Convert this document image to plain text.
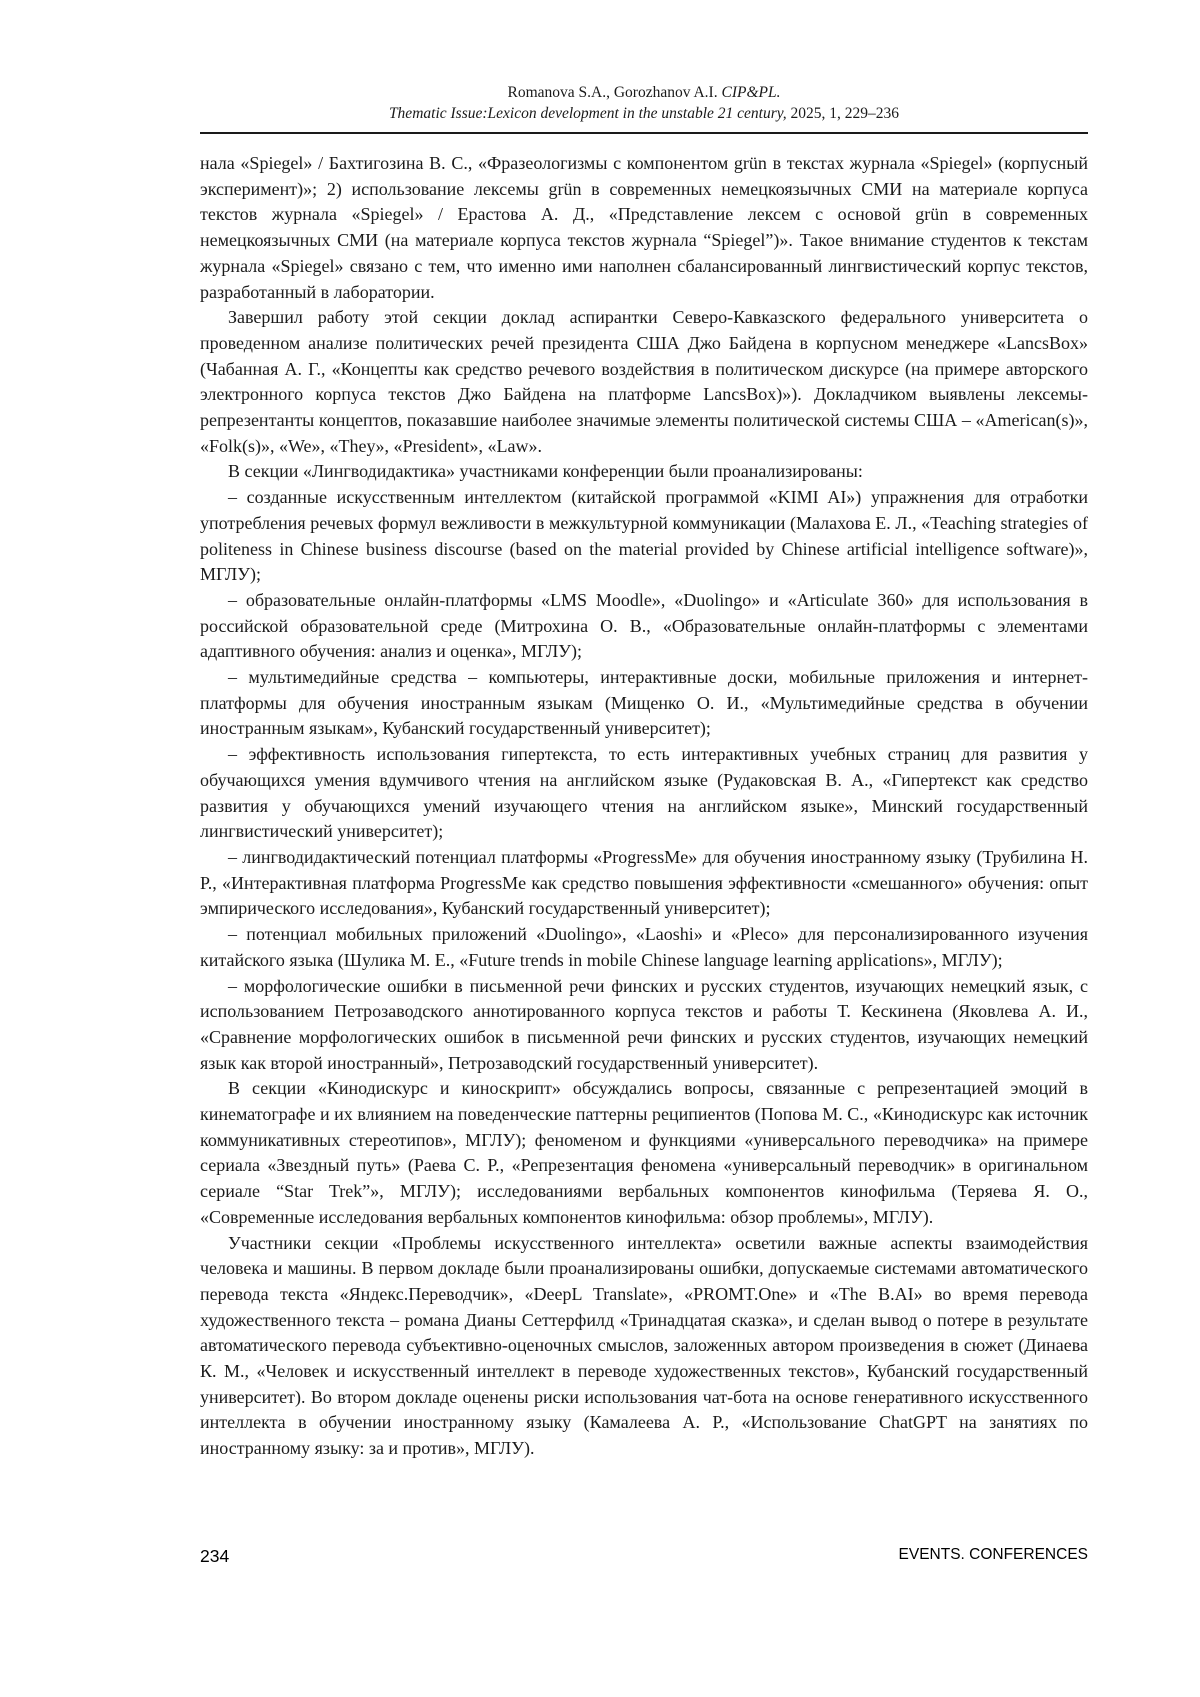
Romanova S.A., Gorozhanov A.I. CIP&PL.
Thematic Issue:Lexicon development in the unstable 21 century, 2025, 1, 229–236

нала «Spiegel» / Бахтигозина В. С., «Фразеологизмы с компонентом grün в текстах журнала «Spiegel» (корпусный эксперимент)»; 2) использование лексемы grün в современных немецкоязычных СМИ на материале корпуса текстов журнала «Spiegel» / Ерастова А. Д., «Представление лексем с основой grün в современных немецкоязычных СМИ (на материале корпуса текстов журнала “Spiegel”)». Такое внимание студентов к текстам журнала «Spiegel» связано с тем, что именно ими наполнен сбалансированный лингвистический корпус текстов, разработанный в лаборатории.

Завершил работу этой секции доклад аспирантки Северо-Кавказского федерального университета о проведенном анализе политических речей президента США Джо Байдена в корпусном менеджере «LancsBox» (Чабанная А. Г., «Концепты как средство речевого воздействия в политическом дискурсе (на примере авторского электронного корпуса текстов Джо Байдена на платформе LancsBox)»). Докладчиком выявлены лексемы-репрезентанты концептов, показавшие наиболее значимые элементы политической системы США – «American(s)», «Folk(s)», «We», «They», «President», «Law».

В секции «Лингводидактика» участниками конференции были проанализированы:

– созданные искусственным интеллектом (китайской программой «KIMI AI») упражнения для отработки употребления речевых формул вежливости в межкультурной коммуникации (Малахова Е. Л., «Teaching strategies of politeness in Chinese business discourse (based on the material provided by Chinese artificial intelligence software)», МГЛУ);

– образовательные онлайн-платформы «LMS Moodle», «Duolingo» и «Articulate 360» для использования в российской образовательной среде (Митрохина О. В., «Образовательные онлайн-платформы с элементами адаптивного обучения: анализ и оценка», МГЛУ);

– мультимедийные средства – компьютеры, интерактивные доски, мобильные приложения и интернет-платформы для обучения иностранным языкам (Мищенко О. И., «Мультимедийные средства в обучении иностранным языкам», Кубанский государственный университет);

– эффективность использования гипертекста, то есть интерактивных учебных страниц для развития у обучающихся умения вдумчивого чтения на английском языке (Рудаковская В. А., «Гипертекст как средство развития у обучающихся умений изучающего чтения на английском языке», Минский государственный лингвистический университет);

– лингводидактический потенциал платформы «ProgressMe» для обучения иностранному языку (Трубилина Н. Р., «Интерактивная платформа ProgressMe как средство повышения эффективности «смешанного» обучения: опыт эмпирического исследования», Кубанский государственный университет);

– потенциал мобильных приложений «Duolingo», «Laoshi» и «Pleco» для персонализированного изучения китайского языка (Шулика М. Е., «Future trends in mobile Chinese language learning applications», МГЛУ);

– морфологические ошибки в письменной речи финских и русских студентов, изучающих немецкий язык, с использованием Петрозаводского аннотированного корпуса текстов и работы Т. Кескинена (Яковлева А. И., «Сравнение морфологических ошибок в письменной речи финских и русских студентов, изучающих немецкий язык как второй иностранный», Петрозаводский государственный университет).

В секции «Кинодискурс и киноскрипт» обсуждались вопросы, связанные с репрезентацией эмоций в кинематографе и их влиянием на поведенческие паттерны реципиентов (Попова М. С., «Кинодискурс как источник коммуникативных стереотипов», МГЛУ); феноменом и функциями «универсального переводчика» на примере сериала «Звездный путь» (Раева С. Р., «Репрезентация феномена «универсальный переводчик» в оригинальном сериале “Star Trek”», МГЛУ); исследованиями вербальных компонентов кинофильма (Теряева Я. О., «Современные исследования вербальных компонентов кинофильма: обзор проблемы», МГЛУ).

Участники секции «Проблемы искусственного интеллекта» осветили важные аспекты взаимодействия человека и машины. В первом докладе были проанализированы ошибки, допускаемые системами автоматического перевода текста «Яндекс.Переводчик», «DeepL Translate», «PROMT.One» и «The B.AI» во время перевода художественного текста – романа Дианы Сеттерфилд «Тринадцатая сказка», и сделан вывод о потере в результате автоматического перевода субъективно-оценочных смыслов, заложенных автором произведения в сюжет (Динаева К. М., «Человек и искусственный интеллект в переводе художественных текстов», Кубанский государственный университет). Во втором докладе оценены риски использования чат-бота на основе генеративного искусственного интеллекта в обучении иностранному языку (Камалеева А. Р., «Использование ChatGPT на занятиях по иностранному языку: за и против», МГЛУ).

234	EVENTS. CONFERENCES
